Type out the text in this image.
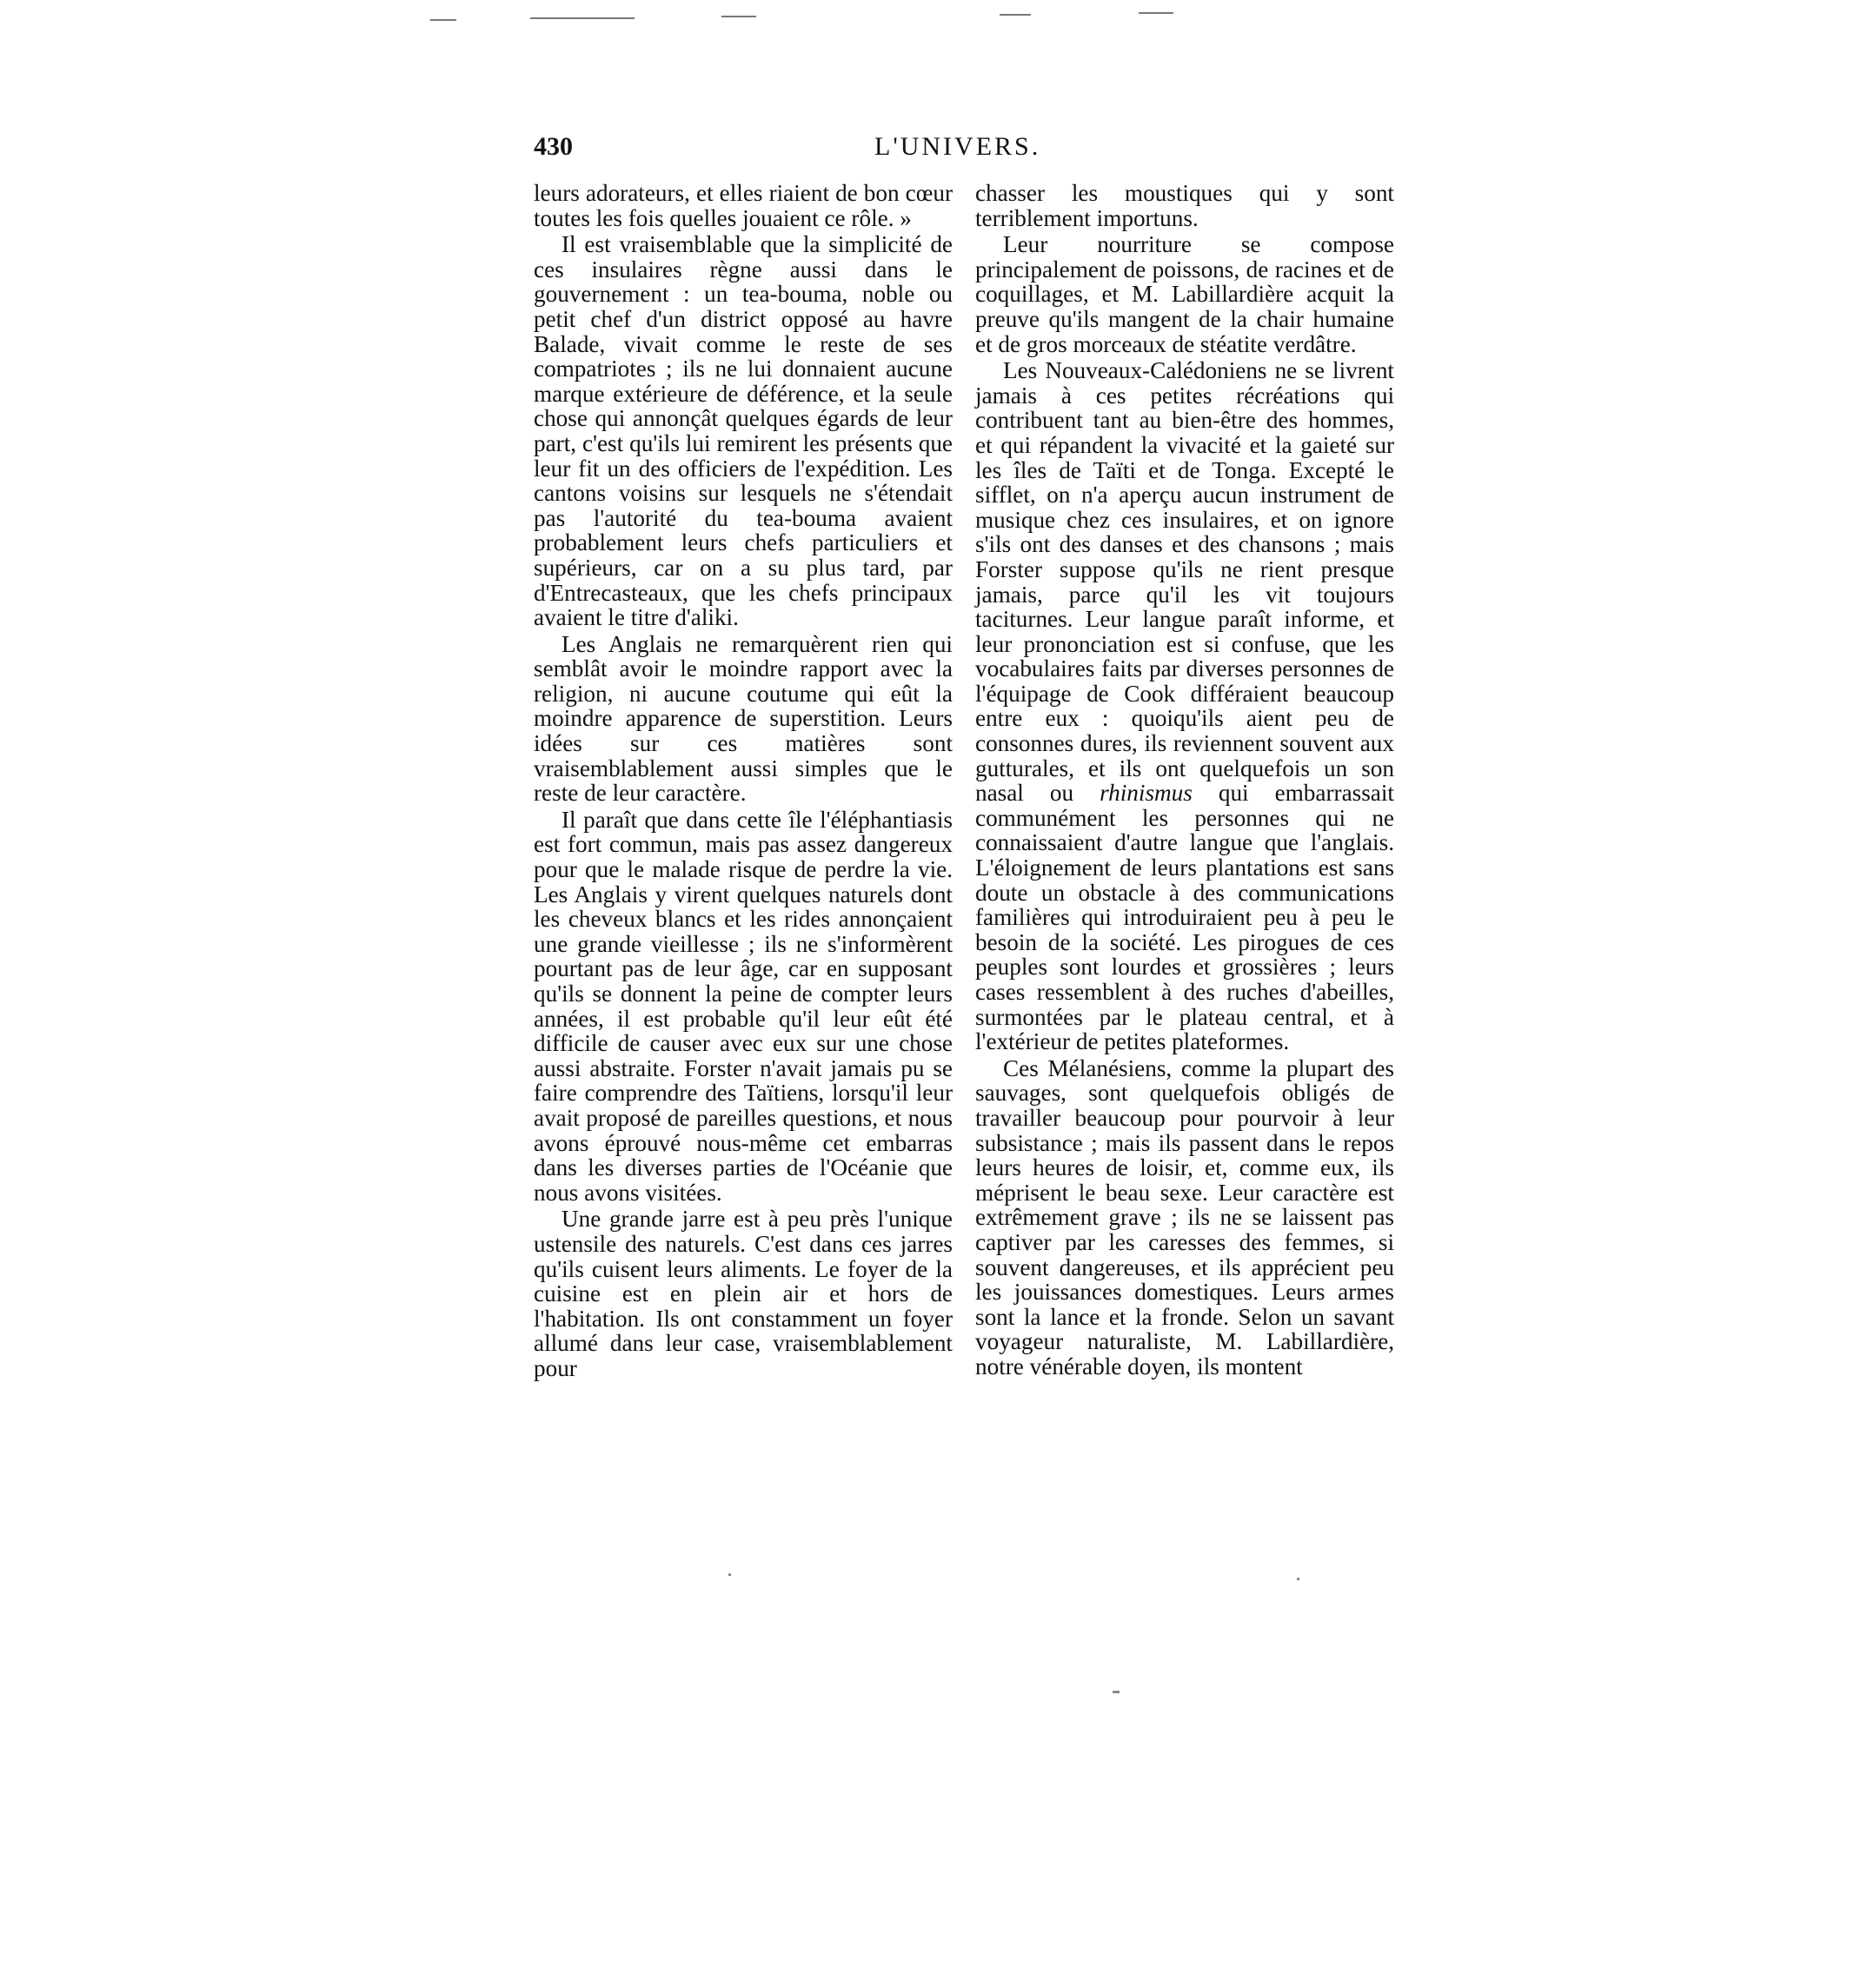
430	L'UNIVERS.

leurs adorateurs, et elles riaient de bon cœur toutes les fois quelles jouaient ce rôle. »

Il est vraisemblable que la simplicité de ces insulaires règne aussi dans le gouvernement : un tea-bouma, noble ou petit chef d'un district opposé au havre Balade, vivait comme le reste de ses compatriotes ; ils ne lui donnaient aucune marque extérieure de déférence, et la seule chose qui annonçât quelques égards de leur part, c'est qu'ils lui remirent les présents que leur fit un des officiers de l'expédition. Les cantons voisins sur lesquels ne s'étendait pas l'autorité du tea-bouma avaient probablement leurs chefs particuliers et supérieurs, car on a su plus tard, par d'Entrecasteaux, que les chefs principaux avaient le titre d'aliki.

Les Anglais ne remarquèrent rien qui semblât avoir le moindre rapport avec la religion, ni aucune coutume qui eût la moindre apparence de superstition. Leurs idées sur ces matières sont vraisemblablement aussi simples que le reste de leur caractère.

Il paraît que dans cette île l'éléphantiasis est fort commun, mais pas assez dangereux pour que le malade risque de perdre la vie. Les Anglais y virent quelques naturels dont les cheveux blancs et les rides annonçaient une grande vieillesse ; ils ne s'informèrent pourtant pas de leur âge, car en supposant qu'ils se donnent la peine de compter leurs années, il est probable qu'il leur eût été difficile de causer avec eux sur une chose aussi abstraite. Forster n'avait jamais pu se faire comprendre des Taïtiens, lorsqu'il leur avait proposé de pareilles questions, et nous avons éprouvé nous-même cet embarras dans les diverses parties de l'Océanie que nous avons visitées.

Une grande jarre est à peu près l'unique ustensile des naturels. C'est dans ces jarres qu'ils cuisent leurs aliments. Le foyer de la cuisine est en plein air et hors de l'habitation. Ils ont constamment un foyer allumé dans leur case, vraisemblablement pour

chasser les moustiques qui y sont terriblement importuns.

Leur nourriture se compose principalement de poissons, de racines et de coquillages, et M. Labillardière acquit la preuve qu'ils mangent de la chair humaine et de gros morceaux de stéatite verdâtre.

Les Nouveaux-Calédoniens ne se livrent jamais à ces petites récréations qui contribuent tant au bien-être des hommes, et qui répandent la vivacité et la gaieté sur les îles de Taïti et de Tonga. Excepté le sifflet, on n'a aperçu aucun instrument de musique chez ces insulaires, et on ignore s'ils ont des danses et des chansons ; mais Forster suppose qu'ils ne rient presque jamais, parce qu'il les vit toujours taciturnes. Leur langue paraît informe, et leur prononciation est si confuse, que les vocabulaires faits par diverses personnes de l'équipage de Cook différaient beaucoup entre eux : quoiqu'ils aient peu de consonnes dures, ils reviennent souvent aux gutturales, et ils ont quelquefois un son nasal ou rhinismus qui embarrassait communément les personnes qui ne connaissaient d'autre langue que l'anglais. L'éloignement de leurs plantations est sans doute un obstacle à des communications familières qui introduiraient peu à peu le besoin de la société. Les pirogues de ces peuples sont lourdes et grossières ; leurs cases ressemblent à des ruches d'abeilles, surmontées par le plateau central, et à l'extérieur de petites plateformes.

Ces Mélanésiens, comme la plupart des sauvages, sont quelquefois obligés de travailler beaucoup pour pourvoir à leur subsistance ; mais ils passent dans le repos leurs heures de loisir, et, comme eux, ils méprisent le beau sexe. Leur caractère est extrêmement grave ; ils ne se laissent pas captiver par les caresses des femmes, si souvent dangereuses, et ils apprécient peu les jouissances domestiques. Leurs armes sont la lance et la fronde. Selon un savant voyageur naturaliste, M. Labillardière, notre vénérable doyen, ils montent
